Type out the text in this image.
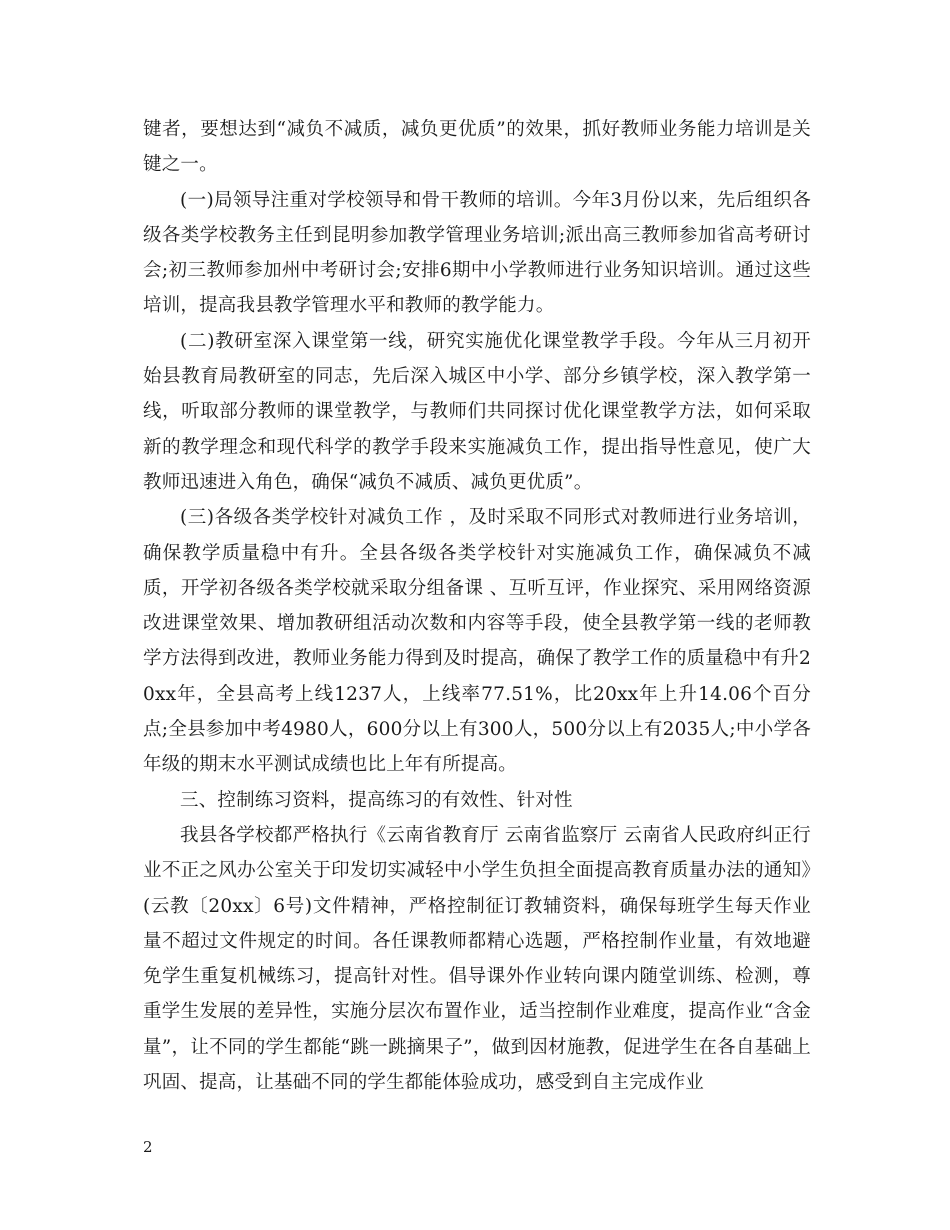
键者，要想达到“减负不减质，减负更优质”的效果，抓好教师业务能力培训是关键之一。

(一)局领导注重对学校领导和骨干教师的培训。今年3月份以来，先后组织各级各类学校教务主任到昆明参加教学管理业务培训;派出高三教师参加省高考研讨会;初三教师参加州中考研讨会;安排6期中小学教师进行业务知识培训。通过这些培训，提高我县教学管理水平和教师的教学能力。

(二)教研室深入课堂第一线，研究实施优化课堂教学手段。今年从三月初开始县教育局教研室的同志，先后深入城区中小学、部分乡镇学校，深入教学第一线，听取部分教师的课堂教学，与教师们共同探讨优化课堂教学方法，如何采取新的教学理念和现代科学的教学手段来实施减负工作，提出指导性意见，使广大教师迅速进入角色，确保“减负不减质、减负更优质”。

(三)各级各类学校针对减负工作 ，及时采取不同形式对教师进行业务培训，确保教学质量稳中有升。全县各级各类学校针对实施减负工作，确保减负不减质，开学初各级各类学校就采取分组备课 、互听互评，作业探究、采用网络资源改进课堂效果、增加教研组活动次数和内容等手段，使全县教学第一线的老师教学方法得到改进，教师业务能力得到及时提高，确保了教学工作的质量稳中有升20xx年，全县高考上线1237人，上线率77.51%，比20xx年上升14.06个百分点;全县参加中考4980人，600分以上有300人，500分以上有2035人;中小学各年级的期末水平测试成绩也比上年有所提高。

三、控制练习资料，提高练习的有效性、针对性

我县各学校都严格执行《云南省教育厅 云南省监察厅 云南省人民政府纠正行业不正之风办公室关于印发切实减轻中小学生负担全面提高教育质量办法的通知》(云教〔20xx〕6号)文件精神，严格控制征订教辅资料，确保每班学生每天作业量不超过文件规定的时间。各任课教师都精心选题，严格控制作业量，有效地避免学生重复机械练习，提高针对性。倡导课外作业转向课内随堂训练、检测，尊重学生发展的差异性，实施分层次布置作业，适当控制作业难度，提高作业“含金量”，让不同的学生都能“跳一跳摘果子”，做到因材施教，促进学生在各自基础上巩固、提高，让基础不同的学生都能体验成功，感受到自主完成作业

2
